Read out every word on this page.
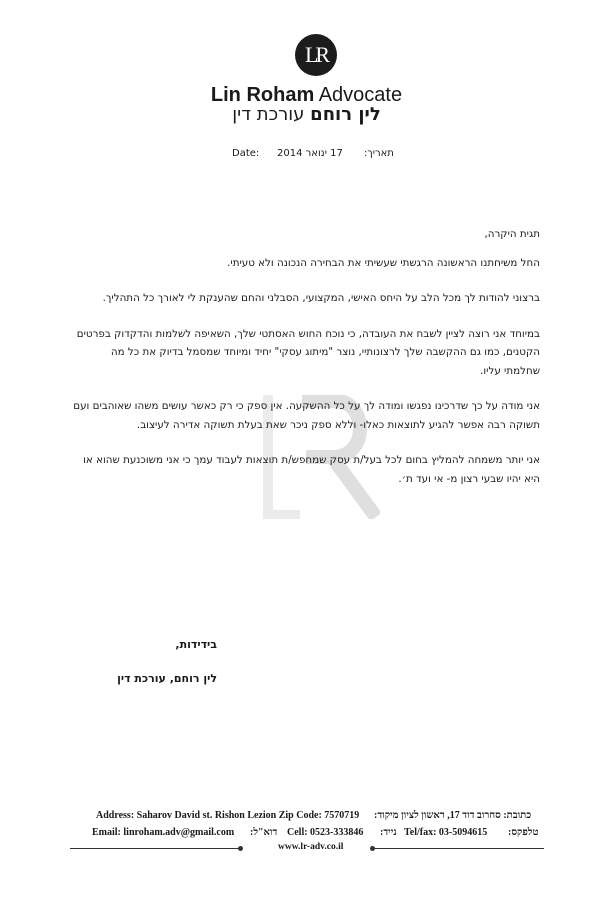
LR
Lin Roham Advocate
לין רוחם עורכת דין
Date: 17 ינואר 2014 תאריך:

תגית היקרה,

החל משיחתנו הראשונה הרגשתי שעשיתי את הבחירה הנכונה ולא טעיתי.

ברצוני להודות לך מכל הלב על היחס האישי, המקצועי, הסבלני והחם שהענקת לי לאורך כל התהליך.

במיוחד אני רוצה לציין לשבח את העובדה, כי נוכח החוש האסתטי שלך, השאיפה לשלמות והדקדוק בפרטים הקטנים, כמו גם ההקשבה שלך לרצונותיי, נוצר "מיתוג עסקי" יחיד ומיוחד שמסמל בדיוק את כל מה שחלמתי עליו.

אני מודה על כך שדרכינו נפגשו ומודה לך על כל ההשקעה. אין ספק כי רק כאשר עושים משהו שאוהבים ועם תשוקה רבה אפשר להגיע לתוצאות כאלו- וללא ספק ניכר שאת בעלת תשוקה אדירה לעיצוב.

אני יותר משמחה להמליץ בחום לכל בעל/ת עסק שמחפש/ת תוצאות לעבוד עמך כי אני משוכנעת שהוא או היא יהיו שבעי רצון מ- אי ועד ת׳.

בידידות,
לין רוחם, עורכת דין
Address: Saharov David st. Rishon Lezion Zip Code: 7570719 כתובת: סחרוב דוד 17, ראשון לציון מיקוד:
Email: linroham.adv@gmail.com דוא"ל: Cell: 0523-333846 נייד: Tel/fax: 03-5094615 טלפקס:
www.lr-adv.co.il
